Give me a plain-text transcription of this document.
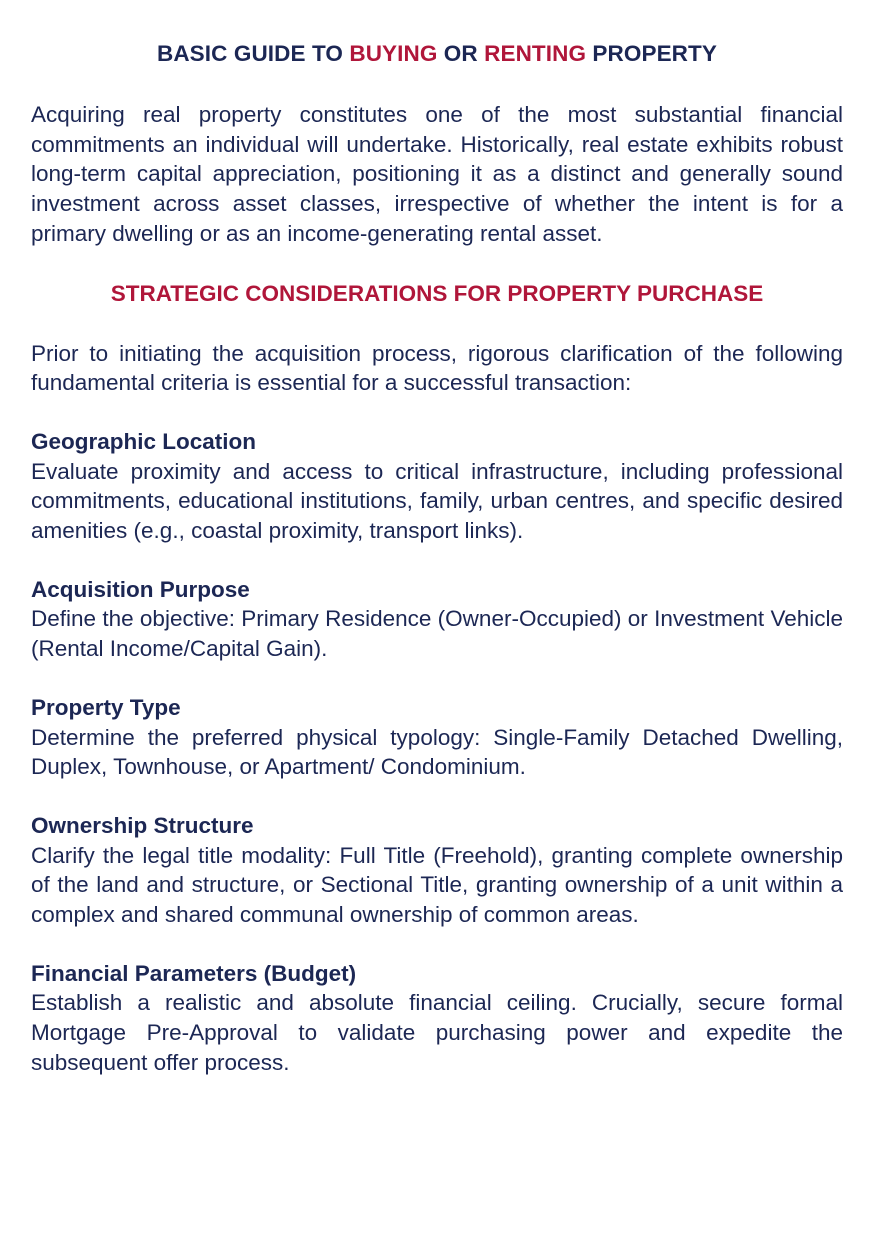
BASIC GUIDE TO BUYING OR RENTING PROPERTY

Acquiring real property constitutes one of the most substantial financial commitments an individual will undertake. Historically, real estate exhibits robust long-term capital appreciation, positioning it as a distinct and generally sound investment across asset classes, irrespective of whether the intent is for a primary dwelling or as an income-generating rental asset.

STRATEGIC CONSIDERATIONS FOR PROPERTY PURCHASE

Prior to initiating the acquisition process, rigorous clarification of the following fundamental criteria is essential for a successful transaction:

Geographic Location

Evaluate proximity and access to critical infrastructure, including professional commitments, educational institutions, family, urban centres, and specific desired amenities (e.g., coastal proximity, transport links).

Acquisition Purpose

Define the objective: Primary Residence (Owner-Occupied) or Investment Vehicle (Rental Income/Capital Gain).

Property Type

Determine the preferred physical typology: Single-Family Detached Dwelling, Duplex, Townhouse, or Apartment/ Condominium.

Ownership Structure

Clarify the legal title modality: Full Title (Freehold), granting complete ownership of the land and structure, or Sectional Title, granting ownership of a unit within a complex and shared communal ownership of common areas.

Financial Parameters (Budget)

Establish a realistic and absolute financial ceiling. Crucially, secure formal Mortgage Pre-Approval to validate purchasing power and expedite the subsequent offer process.
